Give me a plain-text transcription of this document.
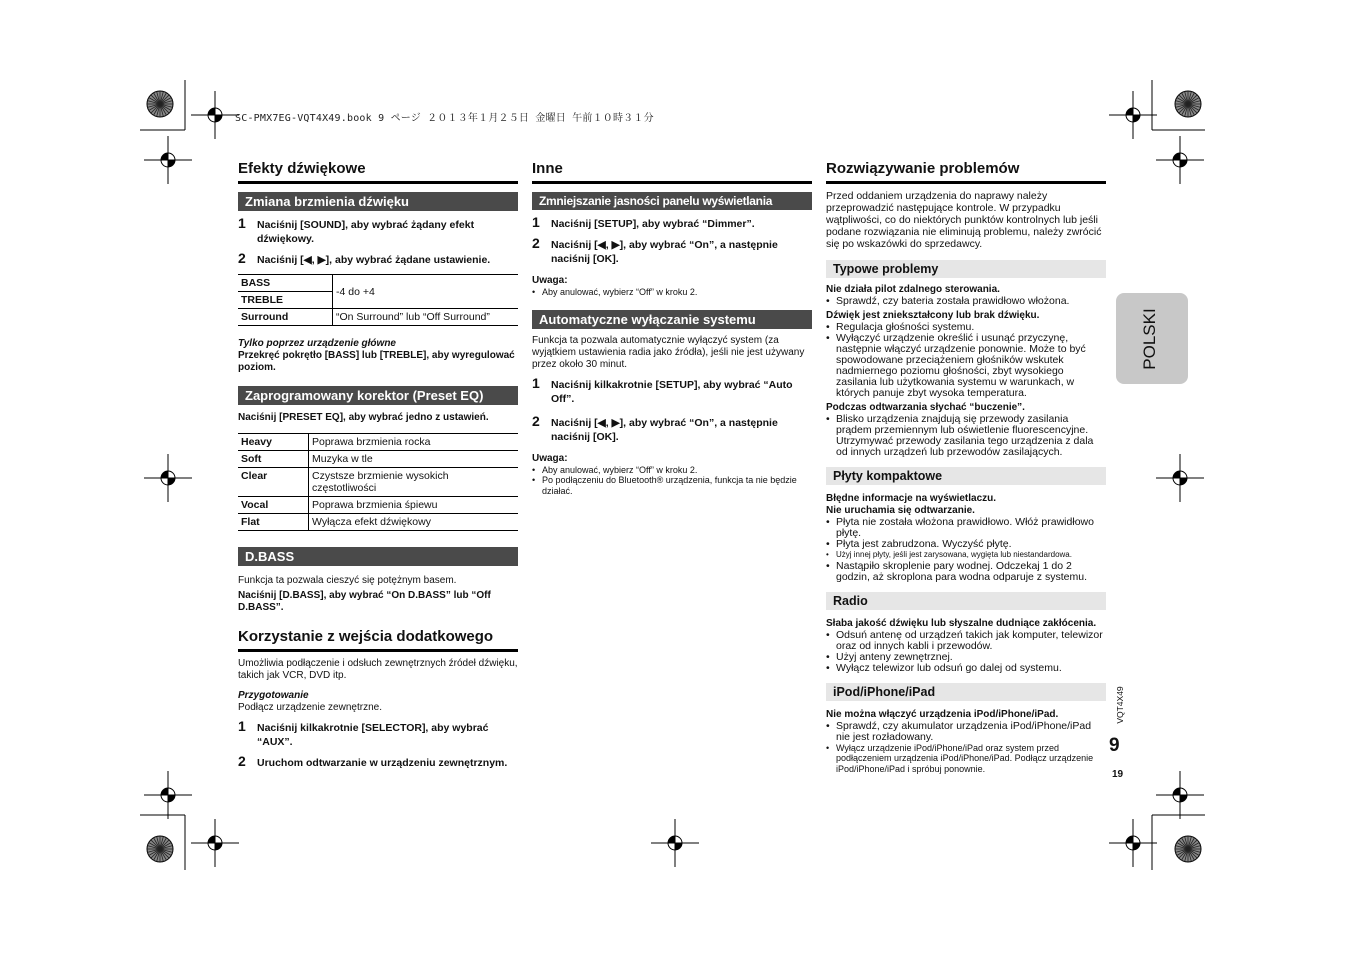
SC-PMX7EG-VQT4X49.book 9 ページ ２０１３年１月２５日 金曜日 午前１０時３１分
Efekty dźwiękowe
Zmiana brzmienia dźwięku
1	Naciśnij [SOUND], aby wybrać żądany efekt dźwiękowy.
2	Naciśnij [◀, ▶], aby wybrać żądane ustawienie.
BASS	-4 do +4
TREBLE	
Surround	“On Surround” lub “Off Surround”
Tylko poprzez urządzenie główne
Przekręć pokrętło [BASS] lub [TREBLE], aby wyregulować poziom.
Zaprogramowany korektor (Preset EQ)
Naciśnij [PRESET EQ], aby wybrać jedno z ustawień.
Heavy	Poprawa brzmienia rocka
Soft	Muzyka w tle
Clear	Czystsze brzmienie wysokich częstotliwości
Vocal	Poprawa brzmienia śpiewu
Flat	Wyłącza efekt dźwiękowy
D.BASS
Funkcja ta pozwala cieszyć się potężnym basem.
Naciśnij [D.BASS], aby wybrać “On D.BASS” lub “Off D.BASS”.
Korzystanie z wejścia dodatkowego
Umożliwia podłączenie i odsłuch zewnętrznych źródeł dźwięku, takich jak VCR, DVD itp.
Przygotowanie
Podłącz urządzenie zewnętrzne.
1	Naciśnij kilkakrotnie [SELECTOR], aby wybrać “AUX”.
2	Uruchom odtwarzanie w urządzeniu zewnętrznym.
Inne
Zmniejszanie jasności panelu wyświetlania
1	Naciśnij [SETUP], aby wybrać “Dimmer”.
2	Naciśnij [◀, ▶], aby wybrać “On”, a następnie naciśnij [OK].
Uwaga:
• Aby anulować, wybierz “Off” w kroku 2.
Automatyczne wyłączanie systemu
Funkcja ta pozwala automatycznie wyłączyć system (za wyjątkiem ustawienia radia jako źródła), jeśli nie jest używany przez około 30 minut.
1	Naciśnij kilkakrotnie [SETUP], aby wybrać “Auto Off”.
2	Naciśnij [◀, ▶], aby wybrać “On”, a następnie naciśnij [OK].
Uwaga:
• Aby anulować, wybierz “Off” w kroku 2.
• Po podłączeniu do Bluetooth® urządzenia, funkcja ta nie będzie działać.
Rozwiązywanie problemów
Przed oddaniem urządzenia do naprawy należy przeprowadzić następujące kontrole. W przypadku wątpliwości, co do niektórych punktów kontrolnych lub jeśli podane rozwiązania nie eliminują problemu, należy zwrócić się po wskazówki do sprzedawcy.
Typowe problemy
Nie działa pilot zdalnego sterowania.
• Sprawdź, czy bateria została prawidłowo włożona.
Dźwięk jest zniekształcony lub brak dźwięku.
• Regulacja głośności systemu.
• Wyłączyć urządzenie określić i usunąć przyczynę, następnie włączyć urządzenie ponownie. Może to być spowodowane przeciążeniem głośników wskutek nadmiernego poziomu głośności, zbyt wysokiego zasilania lub użytkowania systemu w warunkach, w których panuje zbyt wysoka temperatura.
Podczas odtwarzania słychać “buczenie”.
• Blisko urządzenia znajdują się przewody zasilania prądem przemiennym lub oświetlenie fluorescencyjne. Utrzymywać przewody zasilania tego urządzenia z dala od innych urządzeń lub przewodów zasilających.
Płyty kompaktowe
Błędne informacje na wyświetlaczu.
Nie uruchamia się odtwarzanie.
• Płyta nie została włożona prawidłowo. Włóż prawidłowo płytę.
• Płyta jest zabrudzona. Wyczyść płytę.
• Użyj innej płyty, jeśli jest zarysowana, wygięta lub niestandardowa.
• Nastąpiło skroplenie pary wodnej. Odczekaj 1 do 2 godzin, aż skroplona para wodna odparuje z systemu.
Radio
Słaba jakość dźwięku lub słyszalne dudniące zakłócenia.
• Odsuń antenę od urządzeń takich jak komputer, telewizor oraz od innych kabli i przewodów.
• Użyj anteny zewnętrznej.
• Wyłącz telewizor lub odsuń go dalej od systemu.
iPod/iPhone/iPad
Nie można włączyć urządzenia iPod/iPhone/iPad.
• Sprawdź, czy akumulator urządzenia iPod/iPhone/iPad nie jest rozładowany.
• Wyłącz urządzenie iPod/iPhone/iPad oraz system przed podłączeniem urządzenia iPod/iPhone/iPad. Podłącz urządzenie iPod/iPhone/iPad i spróbuj ponownie.
POLSKI
VQT4X49
9
19
